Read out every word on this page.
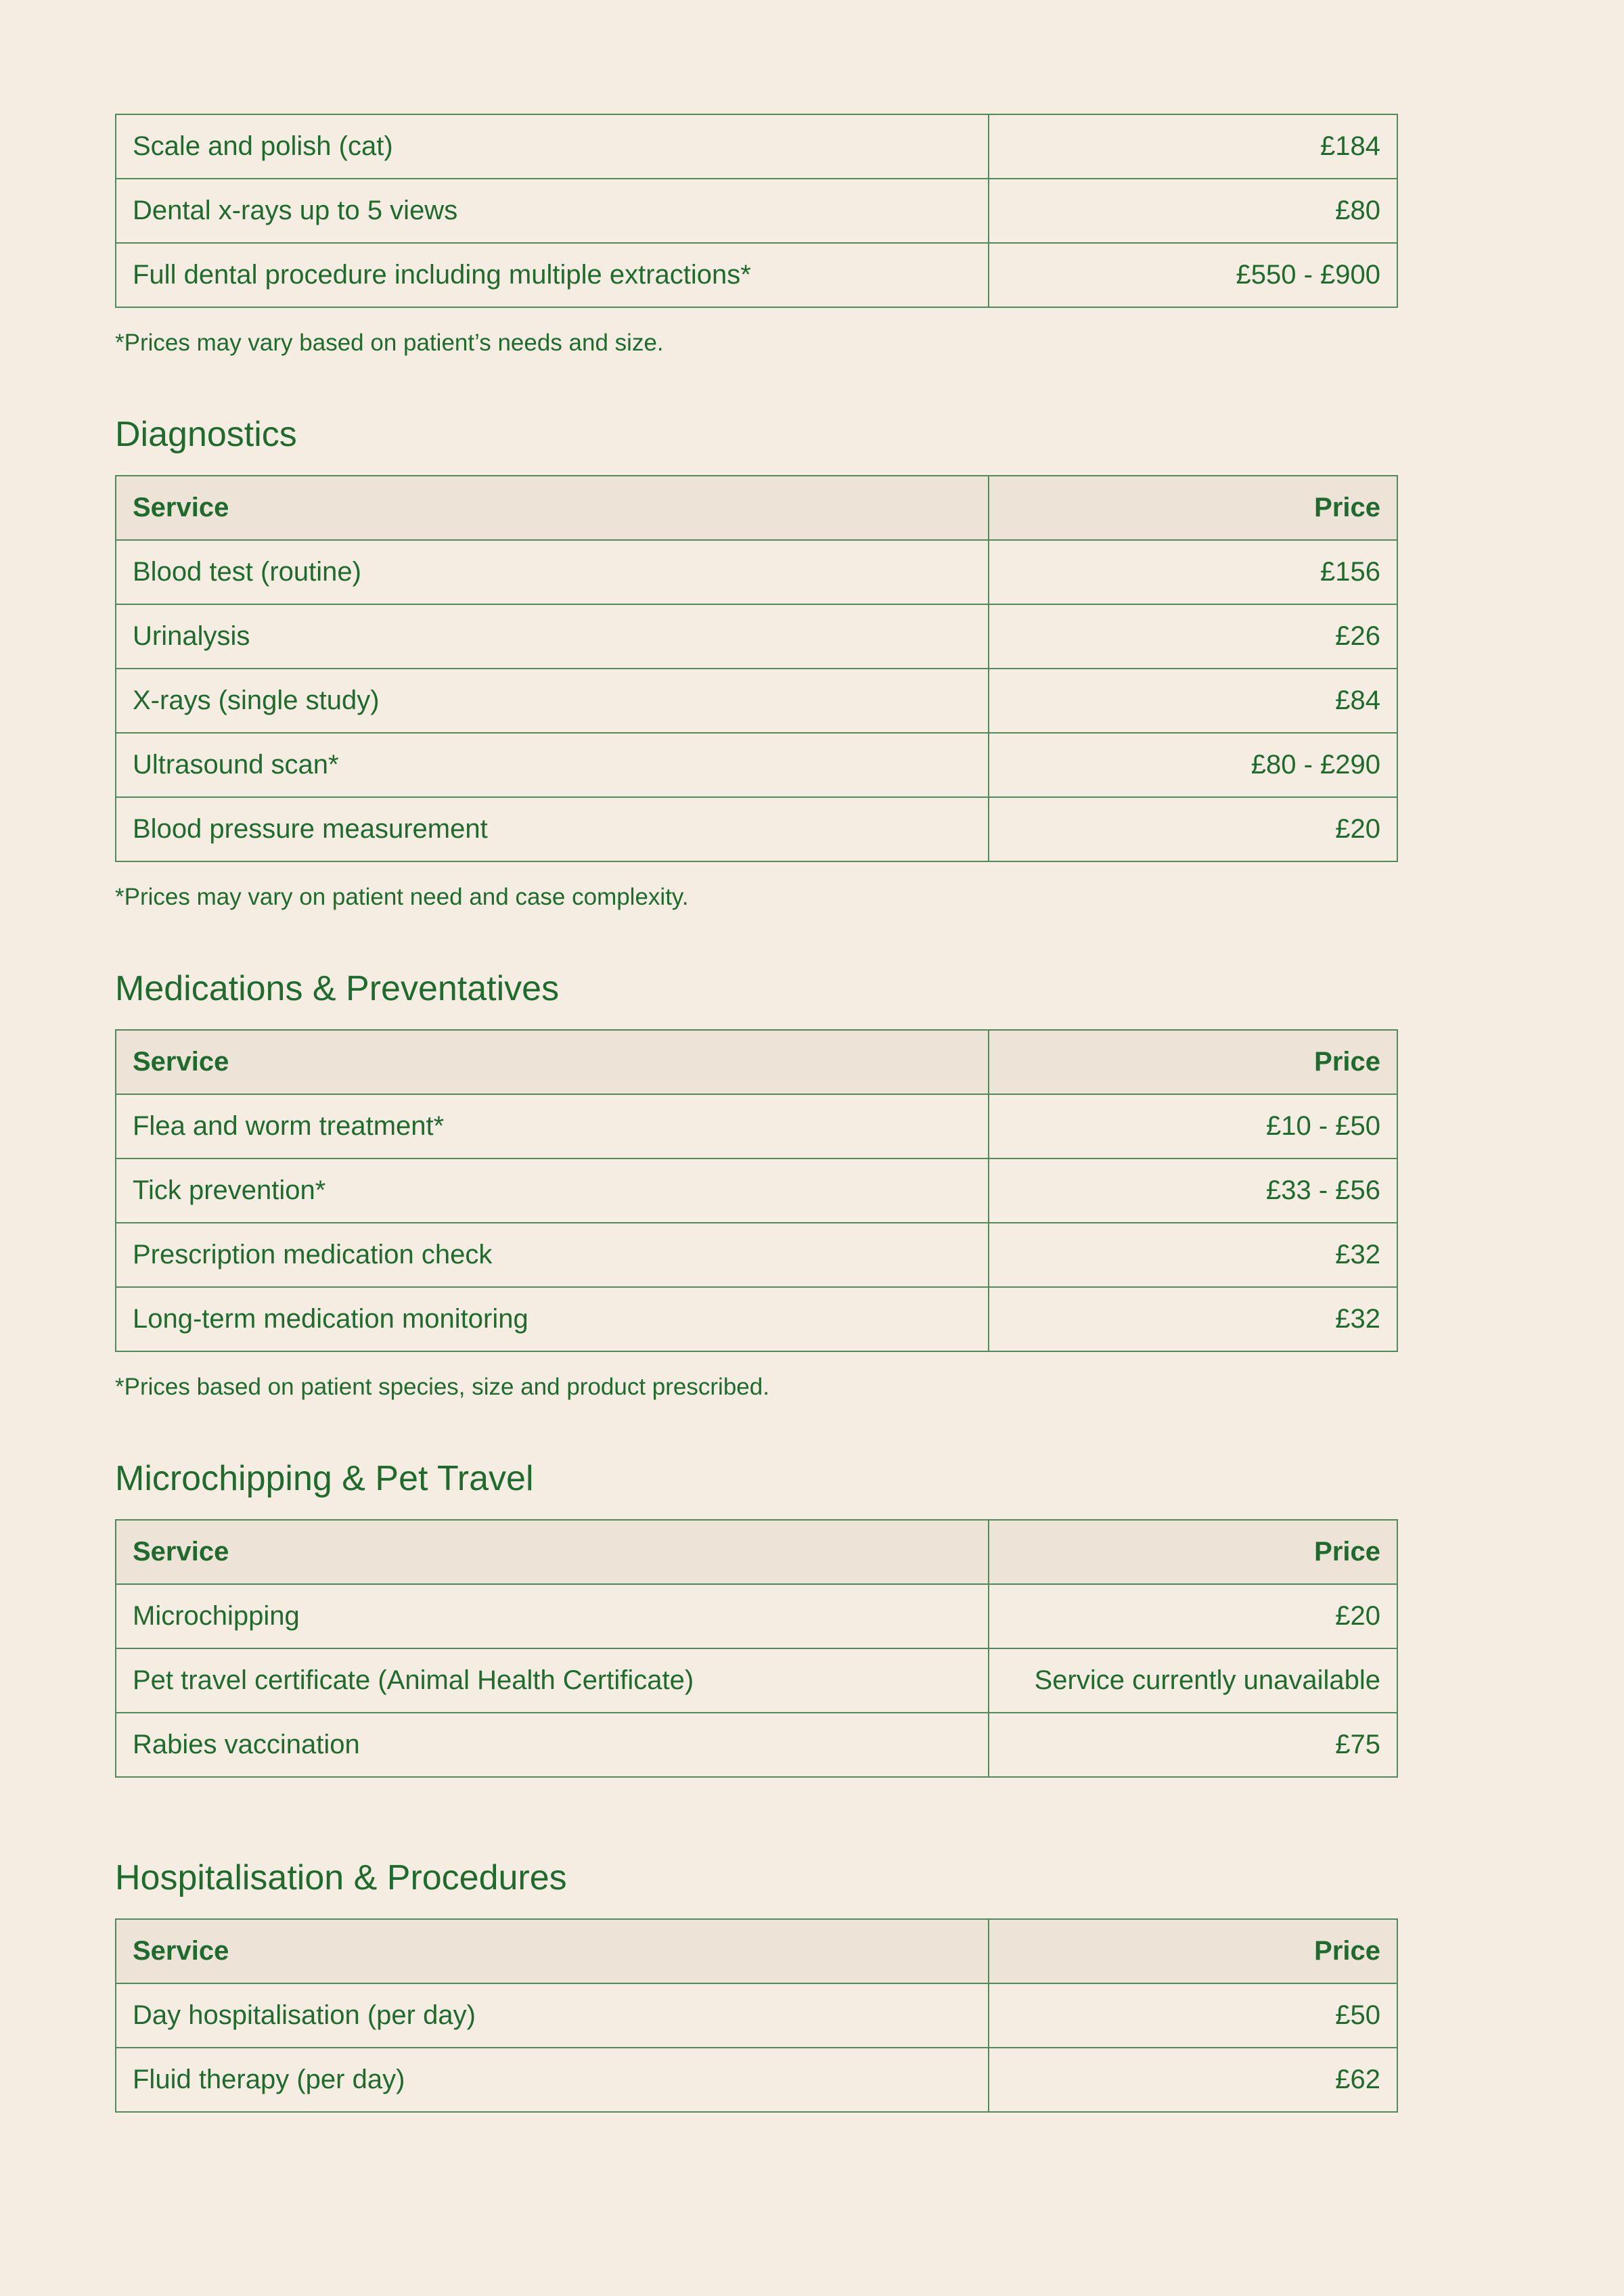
Scale and polish (cat)	£184
Dental x-rays up to 5 views	£80
Full dental procedure including multiple extractions*	£550 - £900

*Prices may vary based on patient’s needs and size.

Diagnostics
Service	Price
Blood test (routine)	£156
Urinalysis	£26
X-rays (single study)	£84
Ultrasound scan*	£80 - £290
Blood pressure measurement	£20

*Prices may vary on patient need and case complexity.

Medications & Preventatives
Service	Price
Flea and worm treatment*	£10 - £50
Tick prevention*	£33 - £56
Prescription medication check	£32
Long-term medication monitoring	£32

*Prices based on patient species, size and product prescribed.

Microchipping & Pet Travel
Service	Price
Microchipping	£20
Pet travel certificate (Animal Health Certificate)	Service currently unavailable
Rabies vaccination	£75
Hospitalisation & Procedures
Service	Price
Day hospitalisation (per day)	£50
Fluid therapy (per day)	£62
